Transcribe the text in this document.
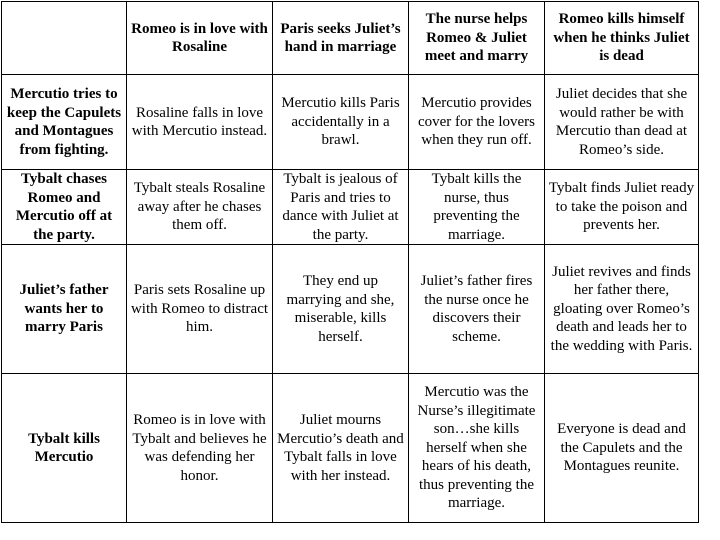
	Romeo is in love with Rosaline	Paris seeks Juliet’s hand in marriage	The nurse helps Romeo & Juliet meet and marry	Romeo kills himself when he thinks Juliet is dead
Mercutio tries to keep the Capulets and Montagues from fighting.	Rosaline falls in love with Mercutio instead.	Mercutio kills Paris accidentally in a brawl.	Mercutio provides cover for the lovers when they run off.	Juliet decides that she would rather be with Mercutio than dead at Romeo’s side.
Tybalt chases Romeo and Mercutio off at the party.	Tybalt steals Rosaline away after he chases them off.	Tybalt is jealous of Paris and tries to dance with Juliet at the party.	Tybalt kills the nurse, thus preventing the marriage.	Tybalt finds Juliet ready to take the poison and prevents her.
Juliet’s father wants her to marry Paris	Paris sets Rosaline up with Romeo to distract him.	They end up marrying and she, miserable, kills herself.	Juliet’s father fires the nurse once he discovers their scheme.	Juliet revives and finds her father there, gloating over Romeo’s death and leads her to the wedding with Paris.
Tybalt kills Mercutio	Romeo is in love with Tybalt and believes he was defending her honor.	Juliet mourns Mercutio’s death and Tybalt falls in love with her instead.	Mercutio was the Nurse’s illegitimate son…she kills herself when she hears of his death, thus preventing the marriage.	Everyone is dead and the Capulets and the Montagues reunite.
